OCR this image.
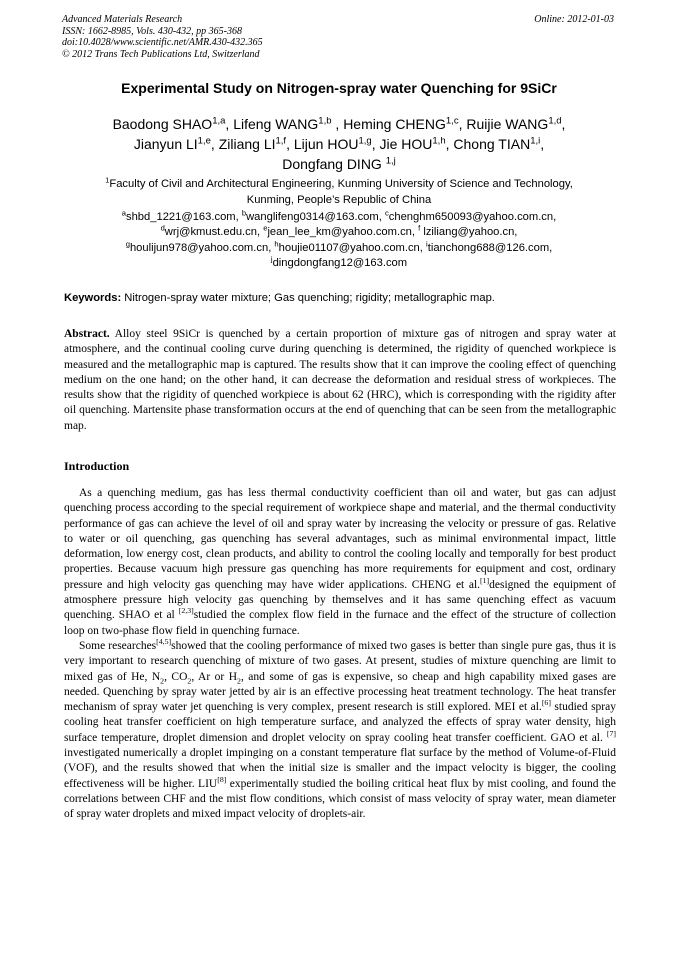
Advanced Materials Research
ISSN: 1662-8985, Vols. 430-432, pp 365-368
doi:10.4028/www.scientific.net/AMR.430-432.365
© 2012 Trans Tech Publications Ltd, Switzerland
Online: 2012-01-03
Experimental Study on Nitrogen-spray water Quenching for 9SiCr
Baodong SHAO$^{1,a}$, Lifeng WANG$^{1,b}$ , Heming CHENG$^{1,c}$, Ruijie WANG$^{1,d}$,
Jianyun LI$^{1,e}$, Ziliang LI$^{1,f}$, Lijun HOU$^{1,g}$, Jie HOU$^{1,h}$, Chong TIAN$^{1,i}$,
Dongfang DING $^{1,j}$
$^1$Faculty of Civil and Architectural Engineering, Kunming University of Science and Technology,
Kunming, People’s Republic of China
$^a$shbd_1221@163.com, $^b$wanglifeng0314@163.com, $^c$chenghm650093@yahoo.com.cn,
$^d$wrj@kmust.edu.cn, $^e$jean_lee_km@yahoo.com.cn, $^f$ lziliang@yahoo.cn,
$^g$houlijun978@yahoo.com.cn, $^h$houjie01107@yahoo.com.cn, $^i$tianchong688@126.com,
$^j$dingdongfang12@163.com
Keywords: Nitrogen-spray water mixture; Gas quenching; rigidity; metallographic map.
Abstract. Alloy steel 9SiCr is quenched by a certain proportion of mixture gas of nitrogen and spray water at atmosphere, and the continual cooling curve during quenching is determined, the rigidity of quenched workpiece is measured and the metallographic map is captured. The results show that it can improve the cooling effect of quenching medium on the one hand; on the other hand, it can decrease the deformation and residual stress of workpieces. The results show that the rigidity of quenched workpiece is about 62 (HRC), which is corresponding with the rigidity after oil quenching. Martensite phase transformation occurs at the end of quenching that can be seen from the metallographic map.
Introduction

As a quenching medium, gas has less thermal conductivity coefficient than oil and water, but gas can adjust quenching process according to the special requirement of workpiece shape and material, and the thermal conductivity performance of gas can achieve the level of oil and spray water by increasing the velocity or pressure of gas. Relative to water or oil quenching, gas quenching has several advantages, such as minimal environmental impact, little deformation, low energy cost, clean products, and ability to control the cooling locally and temporally for best product properties. Because vacuum high pressure gas quenching has more requirements for equipment and cost, ordinary pressure and high velocity gas quenching may have wider applications. CHENG et al.[1]designed the equipment of atmosphere pressure high velocity gas quenching by themselves and it has same quenching effect as vacuum quenching. SHAO et al [2,3]studied the complex flow field in the furnace and the effect of the structure of collection loop on two-phase flow field in quenching furnace.

Some researches[4,5]showed that the cooling performance of mixed two gases is better than single pure gas, thus it is very important to research quenching of mixture of two gases. At present, studies of mixture quenching are limit to mixed gas of He, $N_2$, $CO_2$, Ar or $H_2$, and some of gas is expensive, so cheap and high capability mixed gases are needed. Quenching by spray water jetted by air is an effective processing heat treatment technology. The heat transfer mechanism of spray water jet quenching is very complex, present research is still explored. MEI et al.[6] studied spray cooling heat transfer coefficient on high temperature surface, and analyzed the effects of spray water density, high surface temperature, droplet dimension and droplet velocity on spray cooling heat transfer coefficient. GAO et al. [7] investigated numerically a droplet impinging on a constant temperature flat surface by the method of Volume-of-Fluid (VOF), and the results showed that when the initial size is smaller and the impact velocity is bigger, the cooling effectiveness will be higher. LIU[8] experimentally studied the boiling critical heat flux by mist cooling, and found the correlations between CHF and the mist flow conditions, which consist of mass velocity of spray water, mean diameter of spray water droplets and mixed impact velocity of droplets-air.
